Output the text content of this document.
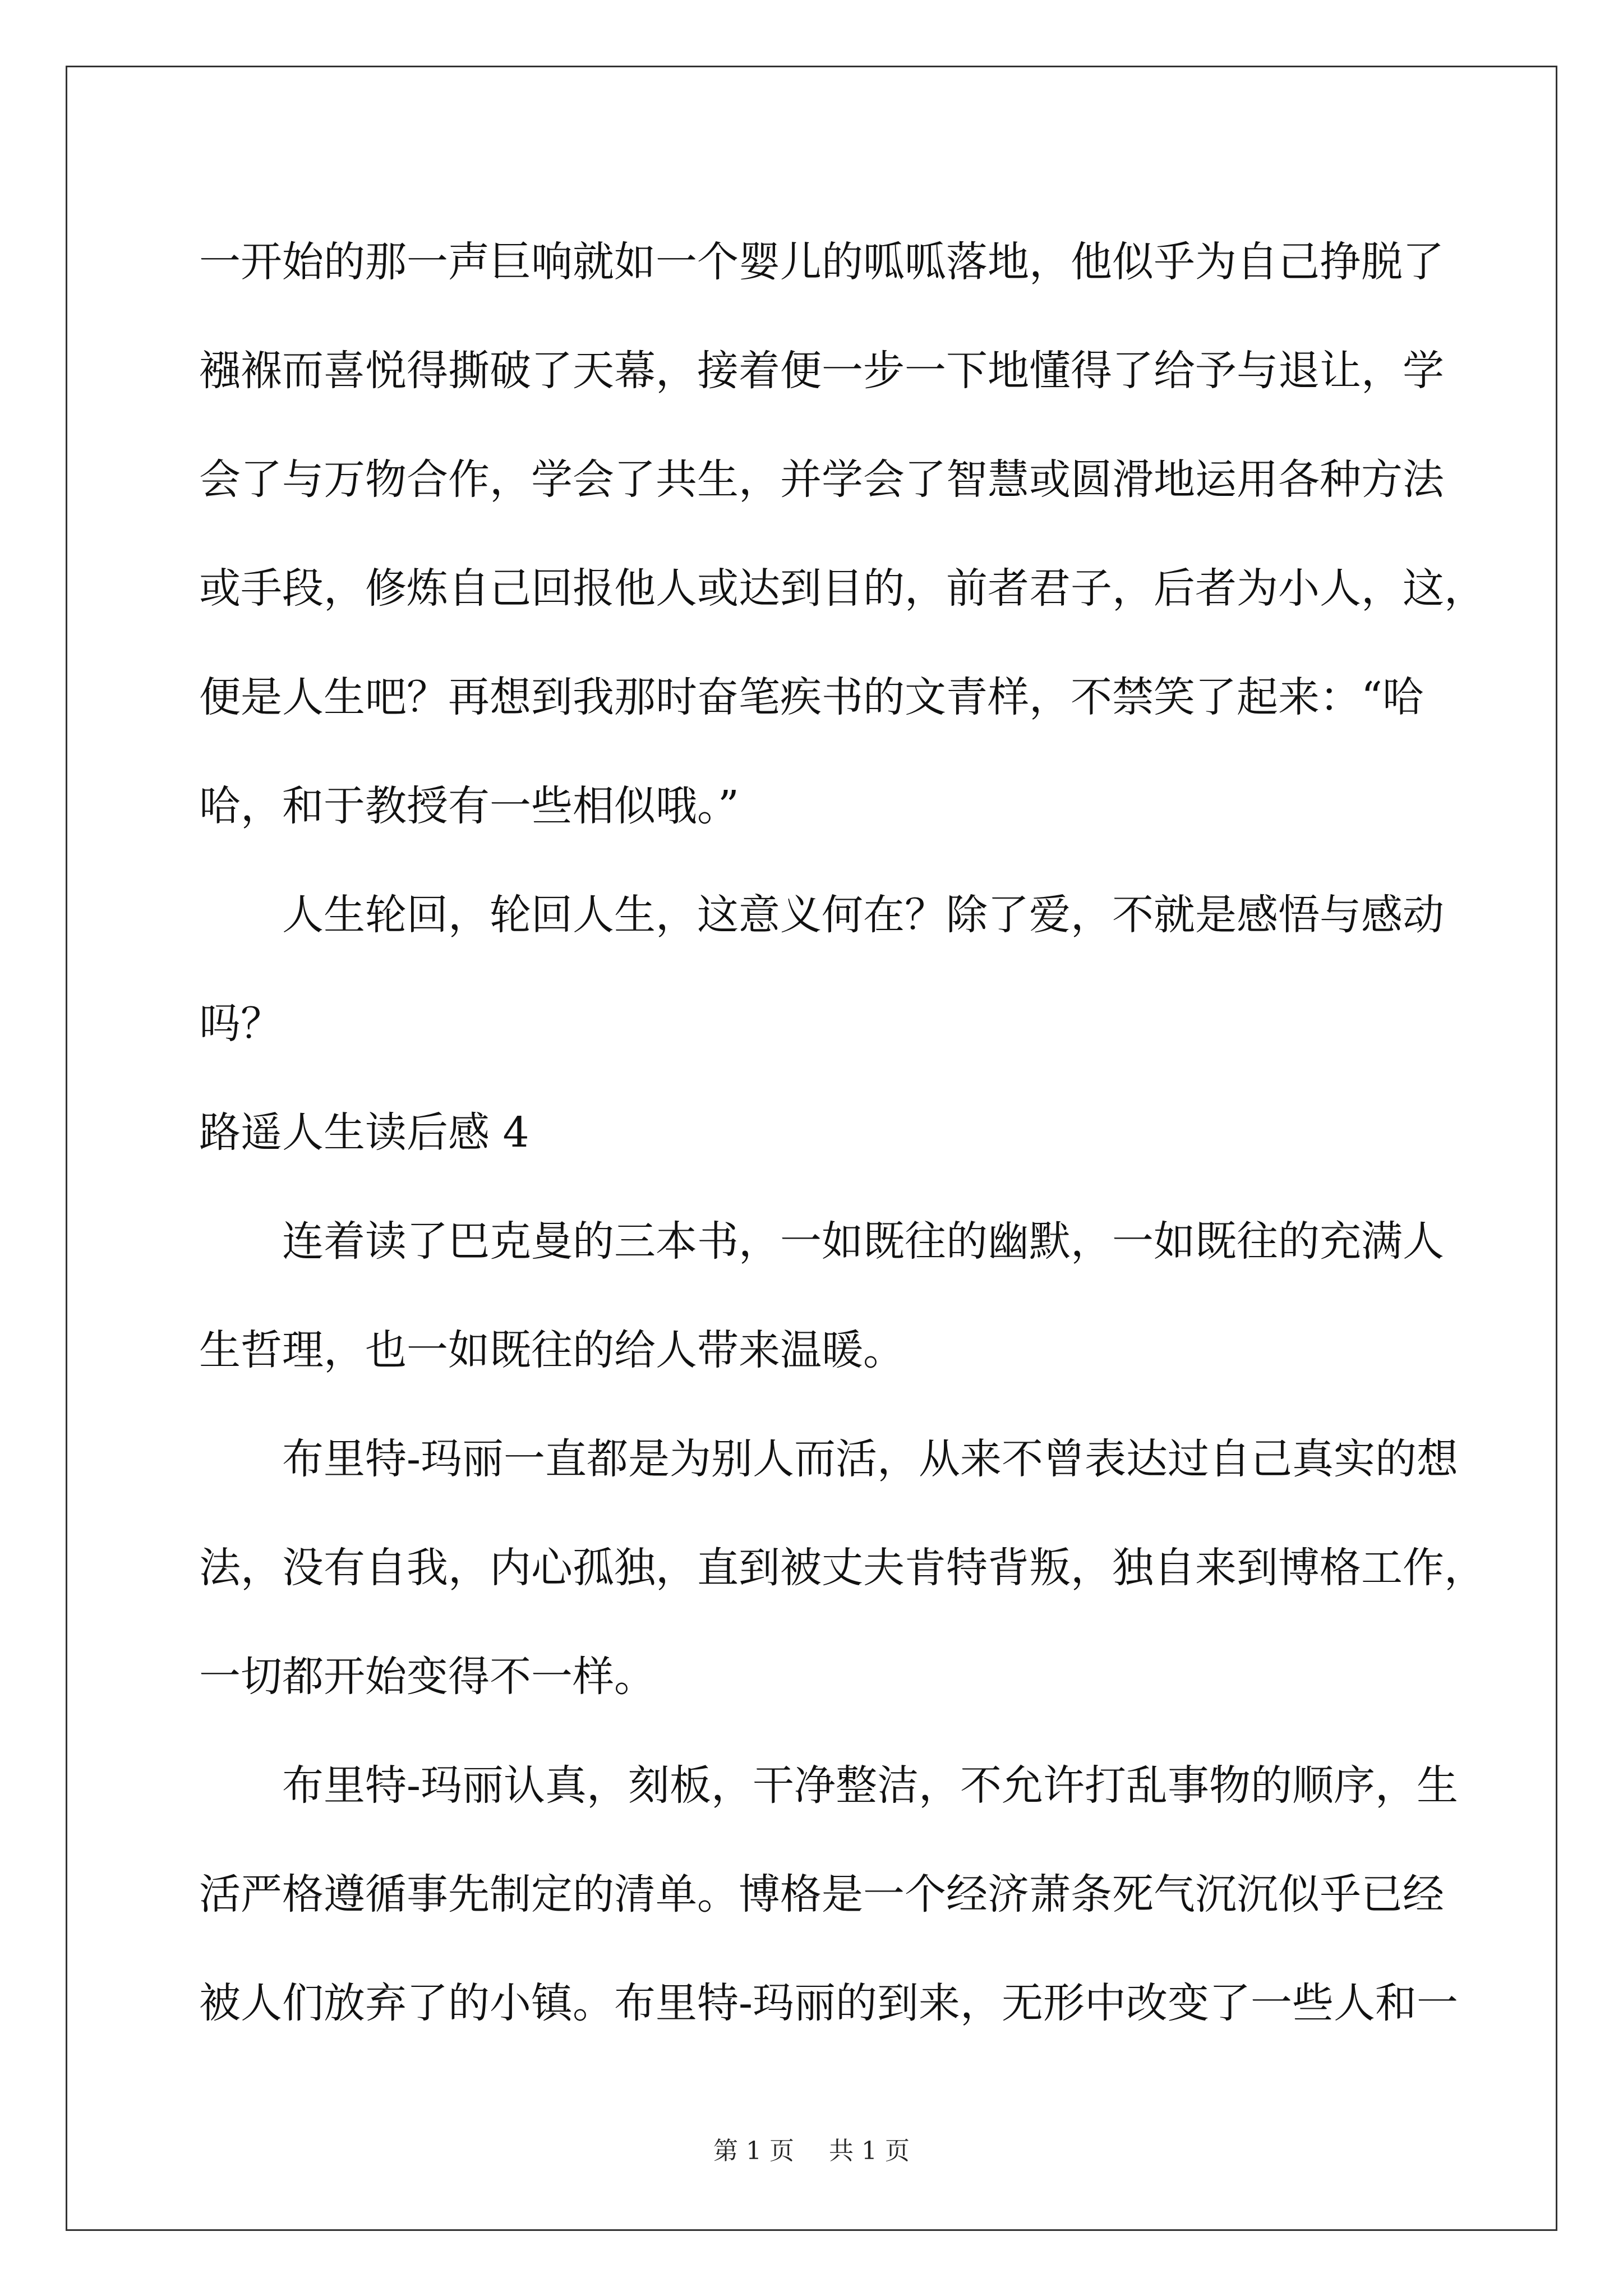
一开始的那一声巨响就如一个婴儿的呱呱落地，他似乎为自己挣脱了
襁褓而喜悦得撕破了天幕，接着便一步一下地懂得了给予与退让，学
会了与万物合作，学会了共生，并学会了智慧或圆滑地运用各种方法
或手段，修炼自己回报他人或达到目的，前者君子，后者为小人，这，
便是人生吧？再想到我那时奋笔疾书的文青样，不禁笑了起来：“哈
哈，和于教授有一些相似哦。”
人生轮回，轮回人生，这意义何在？除了爱，不就是感悟与感动
吗？
路遥人生读后感 4
连着读了巴克曼的三本书，一如既往的幽默，一如既往的充满人
生哲理，也一如既往的给人带来温暖。
布里特-玛丽一直都是为别人而活，从来不曾表达过自己真实的想
法，没有自我，内心孤独，直到被丈夫肯特背叛，独自来到博格工作，
一切都开始变得不一样。
布里特-玛丽认真，刻板，干净整洁，不允许打乱事物的顺序，生
活严格遵循事先制定的清单。博格是一个经济萧条死气沉沉似乎已经
被人们放弃了的小镇。布里特-玛丽的到来，无形中改变了一些人和一
第 1 页 共 1 页
